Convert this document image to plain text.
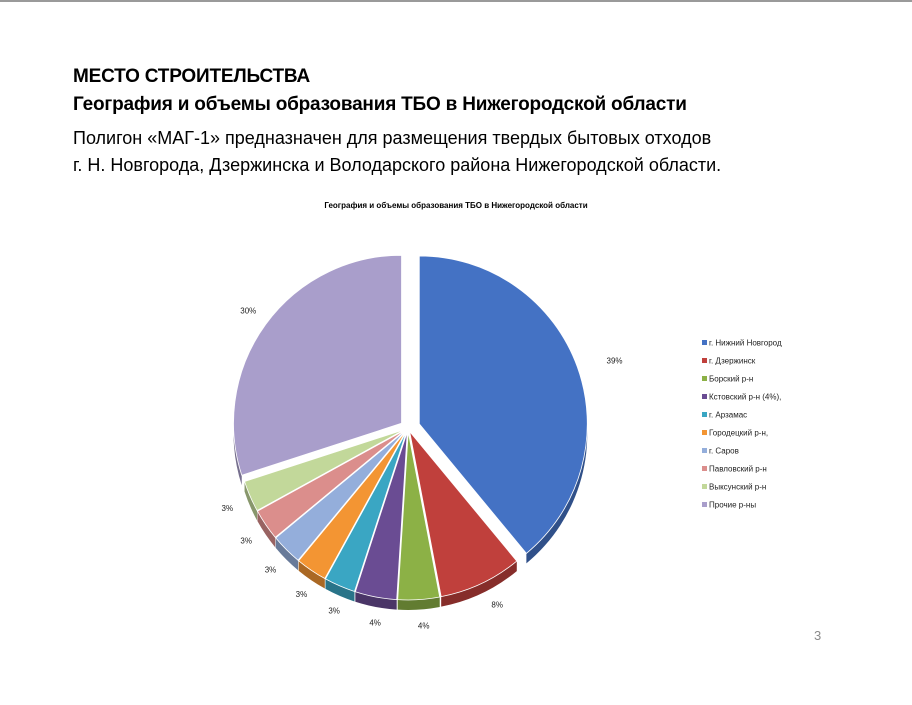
МЕСТО СТРОИТЕЛЬСТВА
География и объемы образования ТБО в Нижегородской области
Полигон «МАГ-1» предназначен для размещения твердых бытовых отходов
г. Н. Новгорода, Дзержинска и Володарского района Нижегородской области.
География и объемы образования ТБО в Нижегородской области
39%
8%
4%
4%
3%
3%
3%
3%
3%
30%
г. Нижний Новгород
г. Дзержинск
Борский р-н
Кстовский р-н (4%),
г. Арзамас
Городецкий р-н,
г. Саров
Павловский р-н
Выксунский р-н
Прочие р-ны
3
